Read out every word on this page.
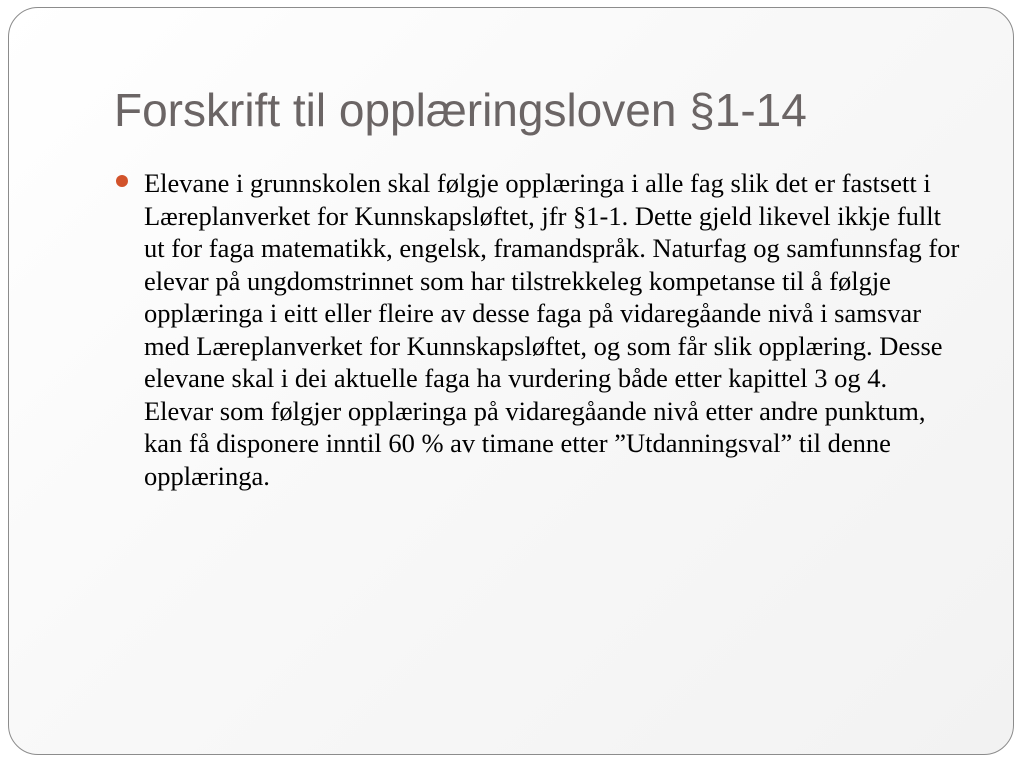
Forskrift til opplæringsloven §1-14
Elevane i grunnskolen skal følgje opplæringa i alle fag slik det er fastsett i Læreplanverket for Kunnskapsløftet, jfr §1-1. Dette gjeld likevel ikkje fullt ut for faga matematikk, engelsk, framandspråk. Naturfag og samfunnsfag for elevar på ungdomstrinnet som har tilstrekkeleg kompetanse til å følgje opplæringa i eitt eller fleire av desse faga på vidaregåande nivå i samsvar med Læreplanverket for Kunnskapsløftet, og som får slik opplæring. Desse elevane skal i dei aktuelle faga ha vurdering både etter kapittel 3 og 4. Elevar som følgjer opplæringa på vidaregåande nivå etter andre punktum, kan få disponere inntil 60 % av timane etter ”Utdanningsval” til denne opplæringa.
